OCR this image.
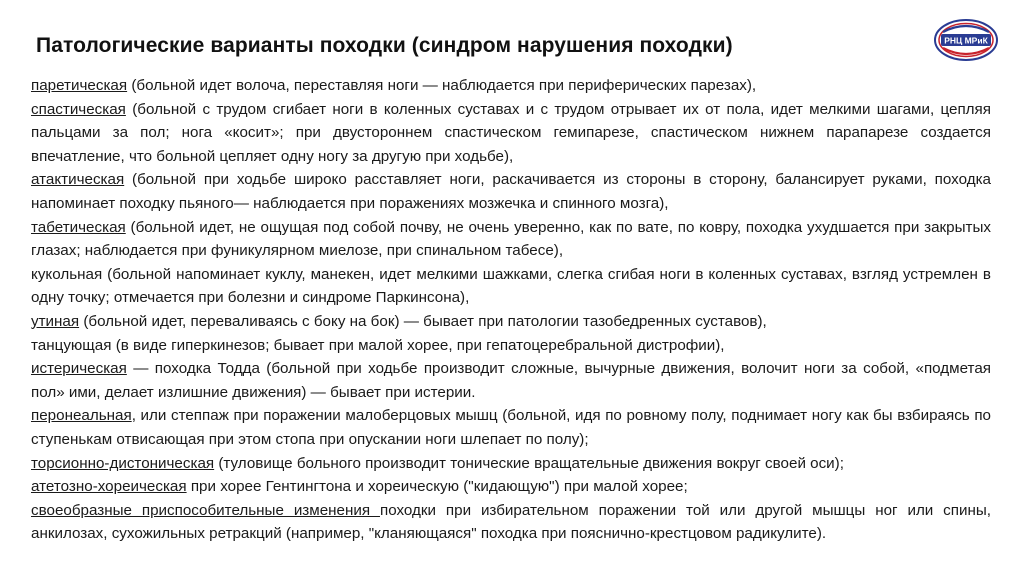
Патологические варианты походки (синдром нарушения походки)	РНЦ МРиК

паретическая (больной идет волоча, переставляя ноги — наблюдается при периферических парезах),

спастическая (больной с трудом сгибает ноги в коленных суставах и с трудом отрывает их от пола, идет мелкими шагами, цепляя пальцами за пол; нога «косит»; при двустороннем спастическом гемипарезе, спастическом нижнем парапарезе создается впечатление, что больной цепляет одну ногу за другую при ходьбе),

атактическая (больной при ходьбе широко расставляет ноги, раскачивается из стороны в сторону, балансирует руками, походка напоминает походку пьяного— наблюдается при поражениях мозжечка и спинного мозга),

табетическая (больной идет, не ощущая под собой почву, не очень уверенно, как по вате, по ковру, походка ухудшается при закрытых глазах; наблюдается при фуникулярном миелозе, при спинальном табесе),

кукольная (больной напоминает куклу, манекен, идет мелкими шажками, слегка сгибая ноги в коленных суставах, взгляд устремлен в одну точку; отмечается при болезни и синдроме Паркинсона),

утиная (больной идет, переваливаясь с боку на бок) — бывает при патологии тазобедренных суставов),

танцующая (в виде гиперкинезов; бывает при малой хорее, при гепатоцеребральной дистрофии),

истерическая — походка Тодда (больной при ходьбе производит сложные, вычурные движения, волочит ноги за собой, «подметая пол» ими, делает излишние движения) — бывает при истерии.

перонеальная, или степпаж при поражении малоберцовых мышц (больной, идя по ровному полу, поднимает ногу как бы взбираясь по ступенькам отвисающая при этом стопа при опускании ноги шлепает по полу);

торсионно-дистоническая (туловище больного производит тонические вращательные движения вокруг своей оси);

атетозно-хореическая при хорее Гентингтона и хореическую ("кидающую") при малой хорее;

своеобразные приспособительные изменения походки при избирательном поражении той или другой мышцы ног или спины, анкилозах, сухожильных ретракций (например, "кланяющаяся" походка при пояснично-крестцовом радикулите).
